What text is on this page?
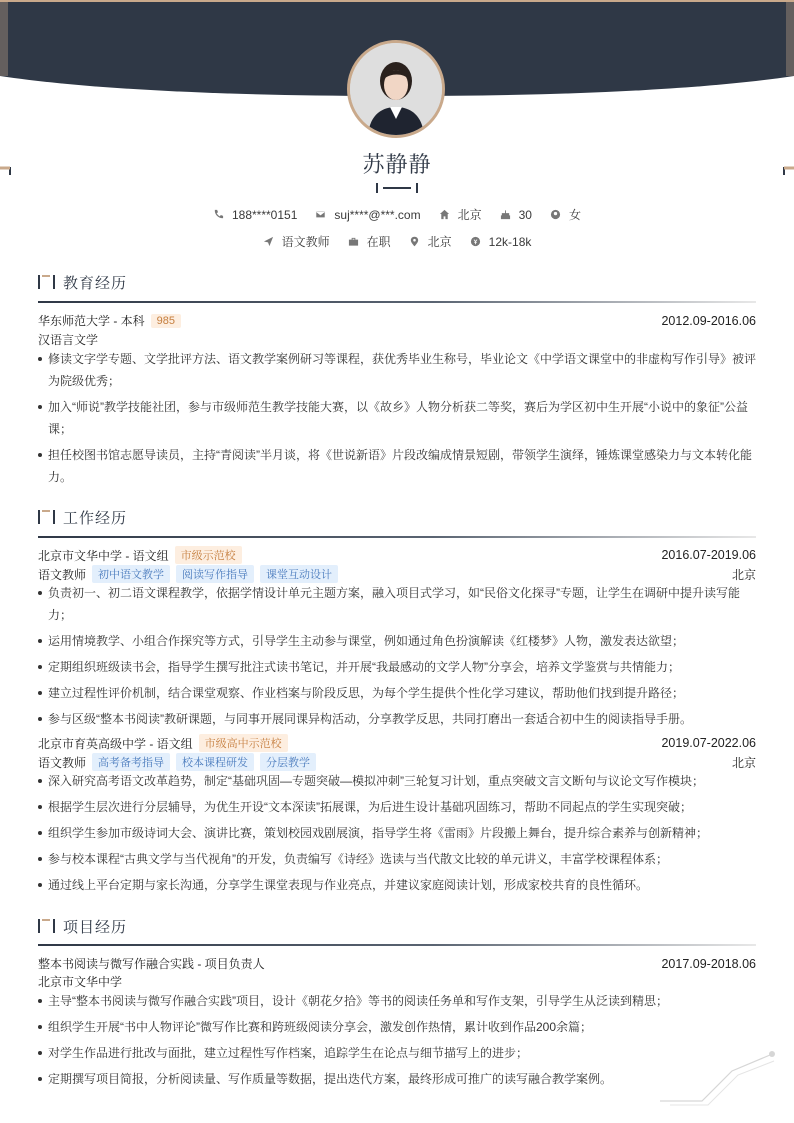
苏静静
188****0151	suj****@***.com	北京	30	女
语文教师	在职	北京	12k-18k
教育经历
华东师范大学 - 本科	985	2012.09-2016.06
汉语言文学
修读文字学专题、文学批评方法、语文教学案例研习等课程，获优秀毕业生称号，毕业论文《中学语文课堂中的非虚构写作引导》被评为院级优秀；
加入“师说”教学技能社团，参与市级师范生教学技能大赛，以《故乡》人物分析获二等奖，赛后为学区初中生开展“小说中的象征”公益课；
担任校图书馆志愿导读员，主持“青阅读”半月谈，将《世说新语》片段改编成情景短剧，带领学生演绎，锤炼课堂感染力与文本转化能力。
工作经历
北京市文华中学 - 语文组	市级示范校	2016.07-2019.06
语文教师	初中语文教学	阅读写作指导	课堂互动设计	北京
负责初一、初二语文课程教学，依据学情设计单元主题方案，融入项目式学习，如“民俗文化探寻”专题，让学生在调研中提升读写能力；
运用情境教学、小组合作探究等方式，引导学生主动参与课堂，例如通过角色扮演解读《红楼梦》人物，激发表达欲望；
定期组织班级读书会，指导学生撰写批注式读书笔记，并开展“我最感动的文学人物”分享会，培养文学鉴赏与共情能力；
建立过程性评价机制，结合课堂观察、作业档案与阶段反思，为每个学生提供个性化学习建议，帮助他们找到提升路径；
参与区级“整本书阅读”教研课题，与同事开展同课异构活动，分享教学反思，共同打磨出一套适合初中生的阅读指导手册。
北京市育英高级中学 - 语文组	市级高中示范校	2019.07-2022.06
语文教师	高考备考指导	校本课程研发	分层教学	北京
深入研究高考语文改革趋势，制定“基础巩固—专题突破—模拟冲刺”三轮复习计划，重点突破文言文断句与议论文写作模块；
根据学生层次进行分层辅导，为优生开设“文本深读”拓展课，为后进生设计基础巩固练习，帮助不同起点的学生实现突破；
组织学生参加市级诗词大会、演讲比赛，策划校园戏剧展演，指导学生将《雷雨》片段搬上舞台，提升综合素养与创新精神；
参与校本课程“古典文学与当代视角”的开发，负责编写《诗经》选读与当代散文比较的单元讲义，丰富学校课程体系；
通过线上平台定期与家长沟通，分享学生课堂表现与作业亮点，并建议家庭阅读计划，形成家校共育的良性循环。
项目经历
整本书阅读与微写作融合实践 - 项目负责人	2017.09-2018.06
北京市文华中学
主导“整本书阅读与微写作融合实践”项目，设计《朝花夕拾》等书的阅读任务单和写作支架，引导学生从泛读到精思；
组织学生开展“书中人物评论”微写作比赛和跨班级阅读分享会，激发创作热情，累计收到作品200余篇；
对学生作品进行批改与面批，建立过程性写作档案，追踪学生在论点与细节描写上的进步；
定期撰写项目简报，分析阅读量、写作质量等数据，提出迭代方案，最终形成可推广的读写融合教学案例。
